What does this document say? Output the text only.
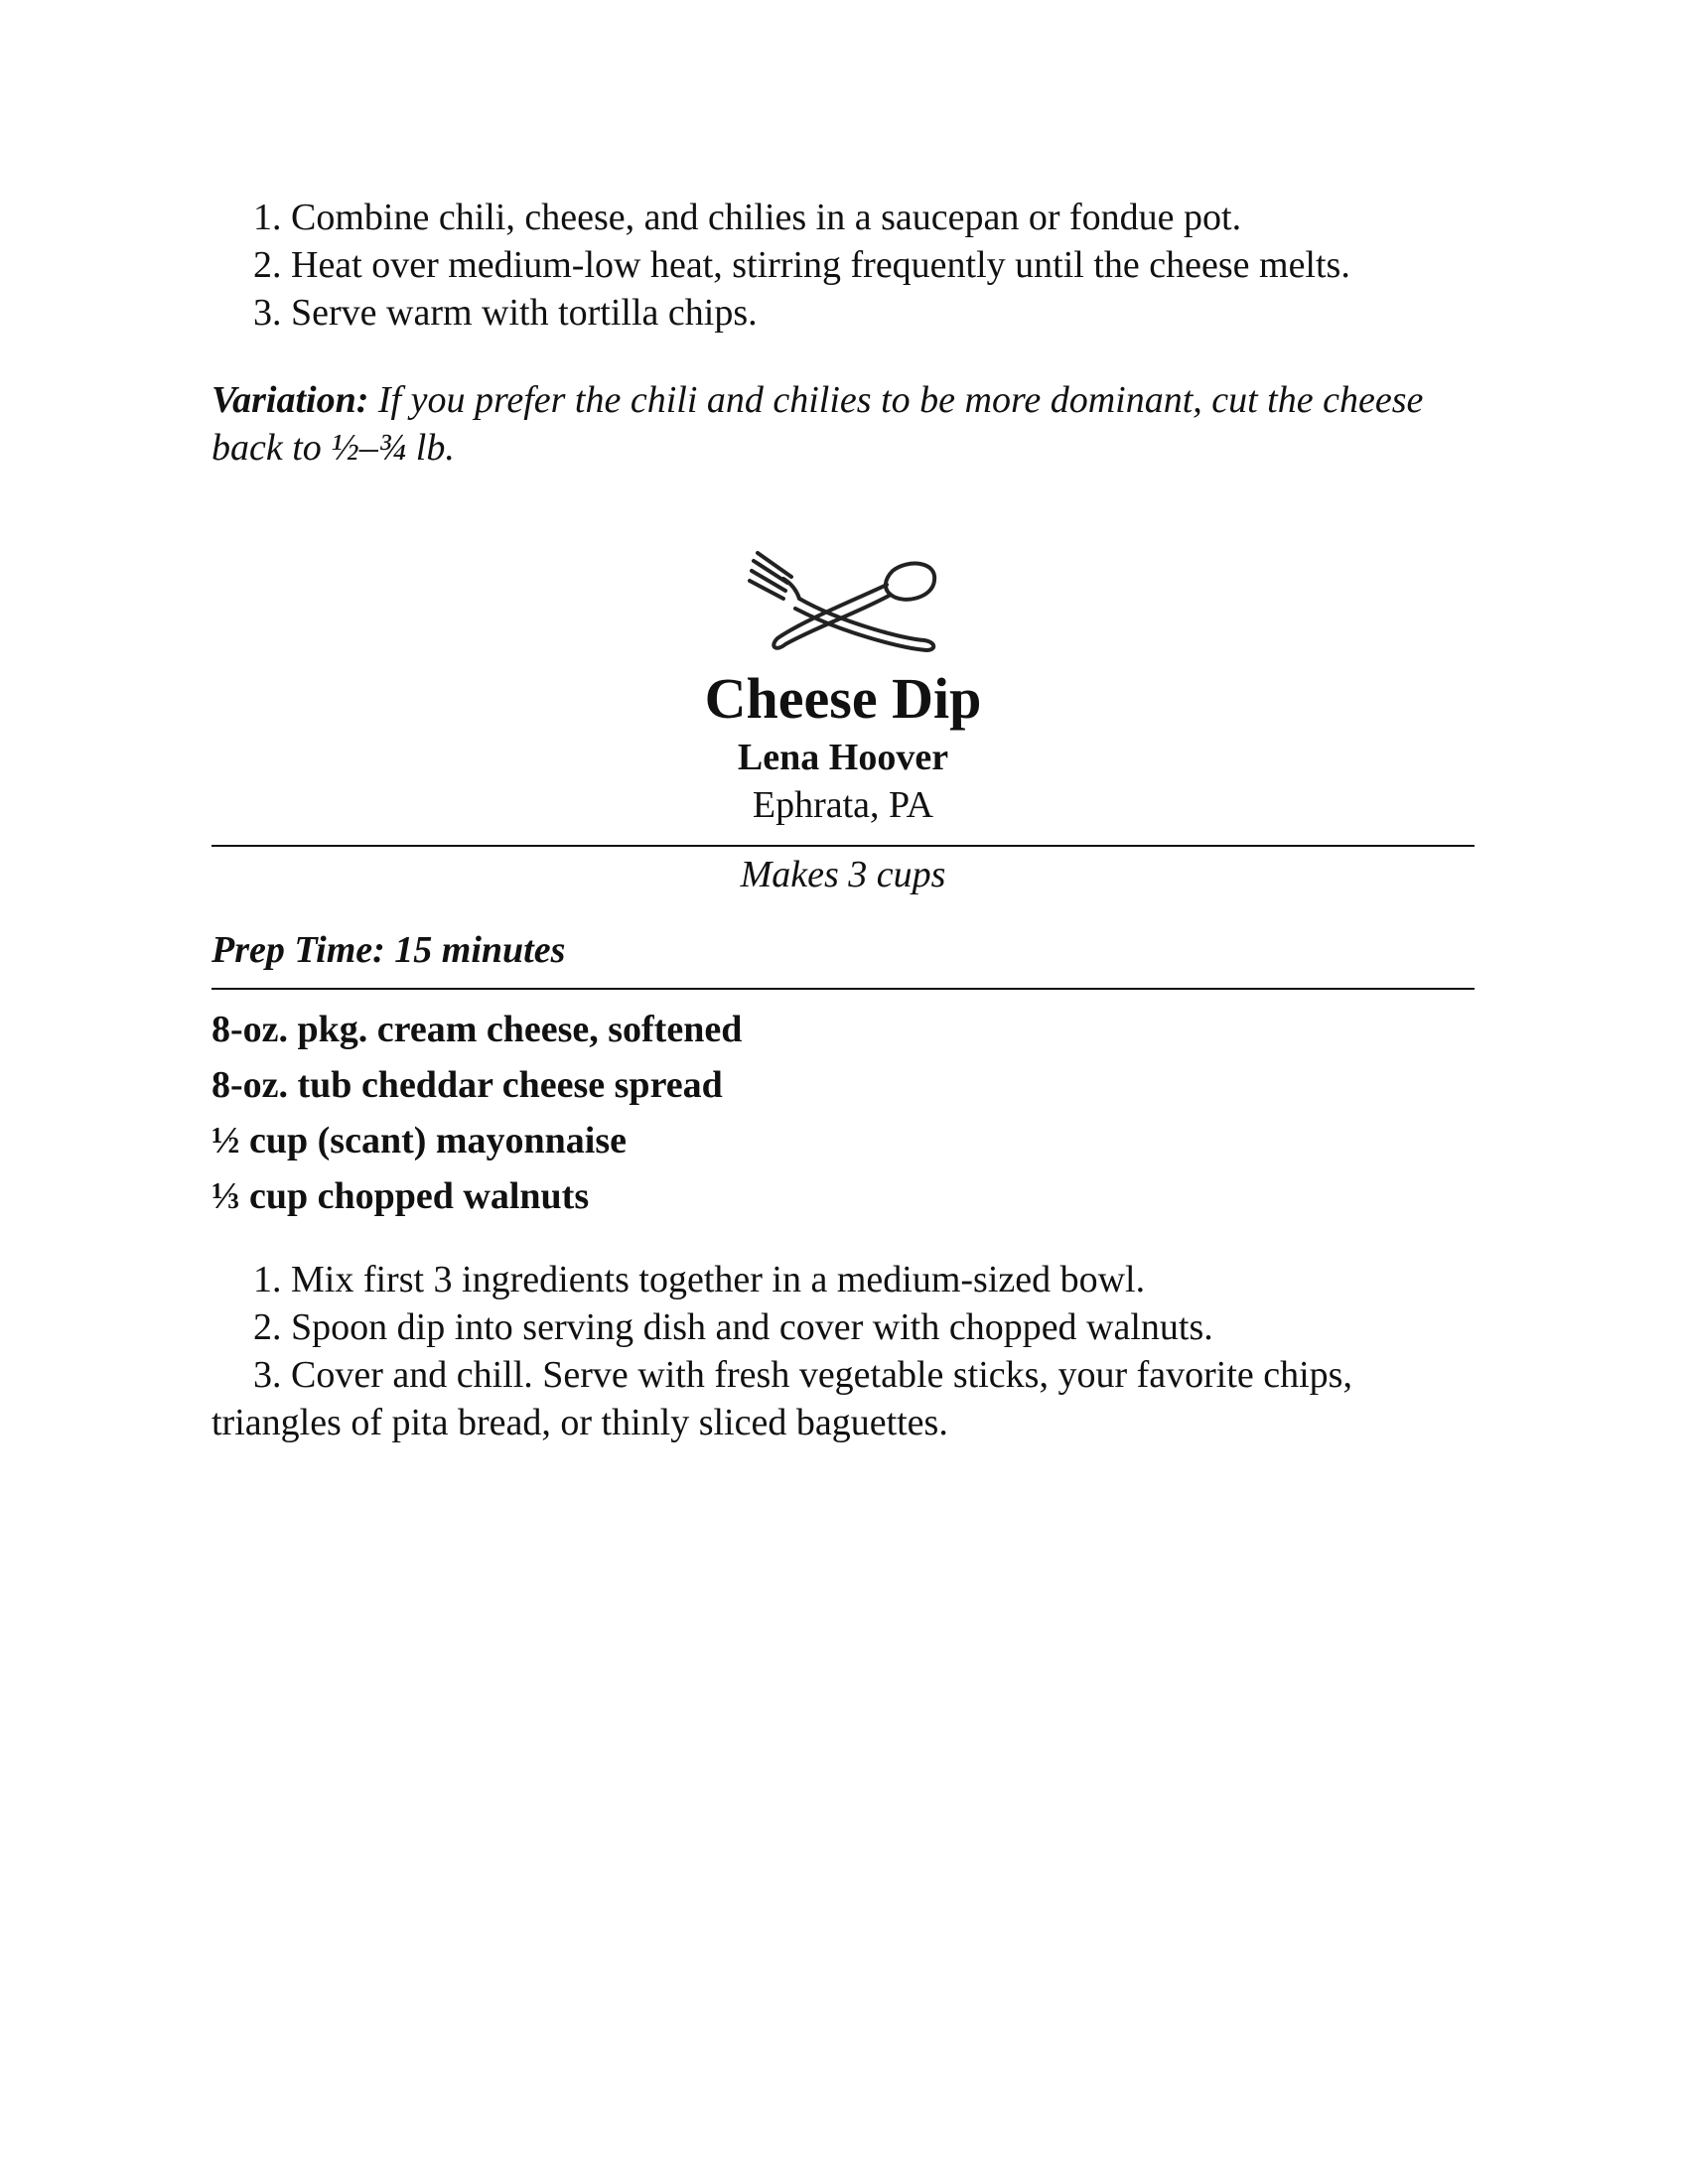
1. Combine chili, cheese, and chilies in a saucepan or fondue pot.
2. Heat over medium-low heat, stirring frequently until the cheese melts.
3. Serve warm with tortilla chips.
Variation: If you prefer the chili and chilies to be more dominant, cut the cheese back to ½–¾ lb.
Cheese Dip
Lena Hoover
Ephrata, PA
Makes 3 cups
Prep Time: 15 minutes
8-oz. pkg. cream cheese, softened
8-oz. tub cheddar cheese spread
½ cup (scant) mayonnaise
⅓ cup chopped walnuts
1. Mix first 3 ingredients together in a medium-sized bowl.
2. Spoon dip into serving dish and cover with chopped walnuts.
3. Cover and chill. Serve with fresh vegetable sticks, your favorite chips, triangles of pita bread, or thinly sliced baguettes.
